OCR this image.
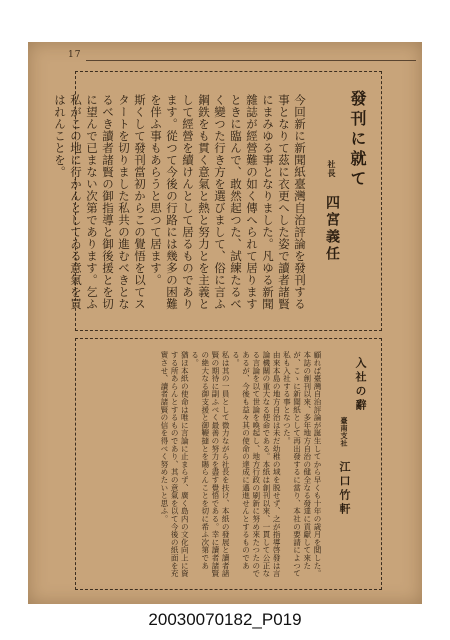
17
發刊に就て
社長　四宮義任

今回新に新聞紙臺灣自治評論を發刊する事となりて茲に衣更へした姿で讀者諸賢にまみゆる事となりました。凡ゆる新聞雜誌が經營難の如く傳へられて居りますときに臨んで、敢然起つた、試練たるべく變つた行き方を選びまして、俗に言ふ鋼鉄をも貫く意氣と熱と努力とを主義として經營を續けんとして居るものであります。從つて今後の行路には幾多の困難を伴ふ事もあらうと思つて居ます。

斯くして發刊當初からこの覺悟を以てスタートを切りました私共の進むべきとなるべき讀者諸賢の御指導と御後援とを切に望んで已まない次第であります。乞ふ私がこの地に行かんとしてゐる意氣を買はれんことを。

入社の辭
臺南支社　江口竹軒

顧れば臺灣自治評論が誕生してから早くも十年の歳月を閲した。本誌の創刊以來、多年地方自治の健全なる發達に貢獻して來たが、こゝに新聞紙として再出發するに當り、本社の要請によつて私も入社する事となつた。

由來本島の地方自治は未だ幼稚の域を脱せず、之が指導啓發は言論機關の重大なる使命である。本紙は創刊以來、一貫して公正なる言論を以て世論を喚起し、地方行政の刷新に努め來たつたのであるが、今後も益々其の使命の達成に邁進せんとするものである。

私は其の一員として微力ながら社長を扶け、本紙の發展と讀者諸賢の期待に副ふべく最善の努力を盡す覺悟である。幸に讀者諸賢の絶大なる御支援と御鞭撻とを賜らんことを切に希ふ次第である。

猶ほ本紙の使命は唯に言論に止まらず、廣く島内の文化向上に資する所あらんとするものであり、其の意氣を以て今後の紙面を充實させ、讀者諸賢の信を得べく努めたいと思ふ。

20030070182_P019
